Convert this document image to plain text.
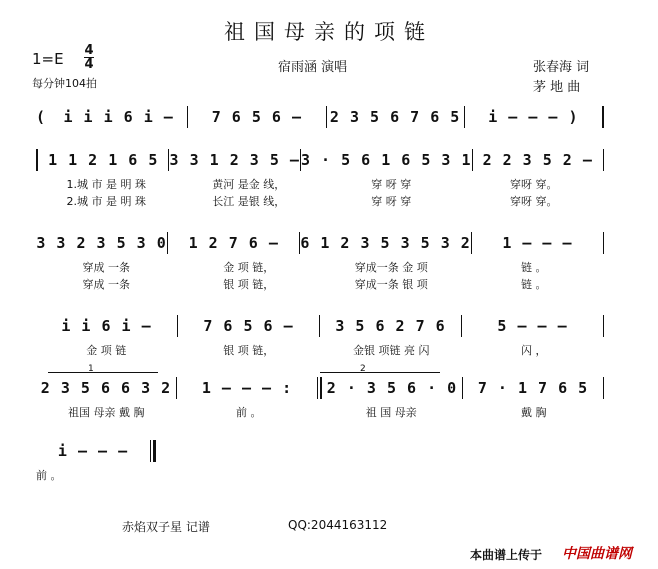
祖国母亲的项链
1=E 4
4
每分钟104拍
宿雨涵 演唱	张春海 词
茅 地 曲
(	i i i 6 i –	7 6 5 6 –	2 3 5 6 7 6 5	i – – – )
1 1 2 1 6 5 3 3 1 2 3 5 – 3 · 5 6 1 6 5 3 1 2 2 3 5 2 –
1.城 市 是 明 珠	黄河 是金 线，	穿 呀 穿	穿呀 穿。
2.城 市 是 明 珠	长江 是银 线，	穿 呀 穿	穿呀 穿。
3 3 2 3 5 3 0	1 2 7 6 –	6 1 2 3 5 3 5 3 2	1 – – –
穿成 一条	金 项 链，	穿成一条 金 项	链 。
穿成 一条	银 项 链，	穿成一条 银 项	链 。
i i 6 i –	7 6 5 6 –	3 5 6 2 7 6	5 – – –
金 项 链	银 项 链，	金银 项链 亮 闪	闪 ，
1	2
2 3 5 6 6 3 2	1 – – – :	2 · 3 5 6 · 0	7 · 1 7 6 5
祖国 母亲 戴 胸	前 。	祖 国 母亲	戴 胸
i – – –
前 。
赤焰双子星 记谱	QQ:2044163112
本曲谱上传于 中国曲谱网
